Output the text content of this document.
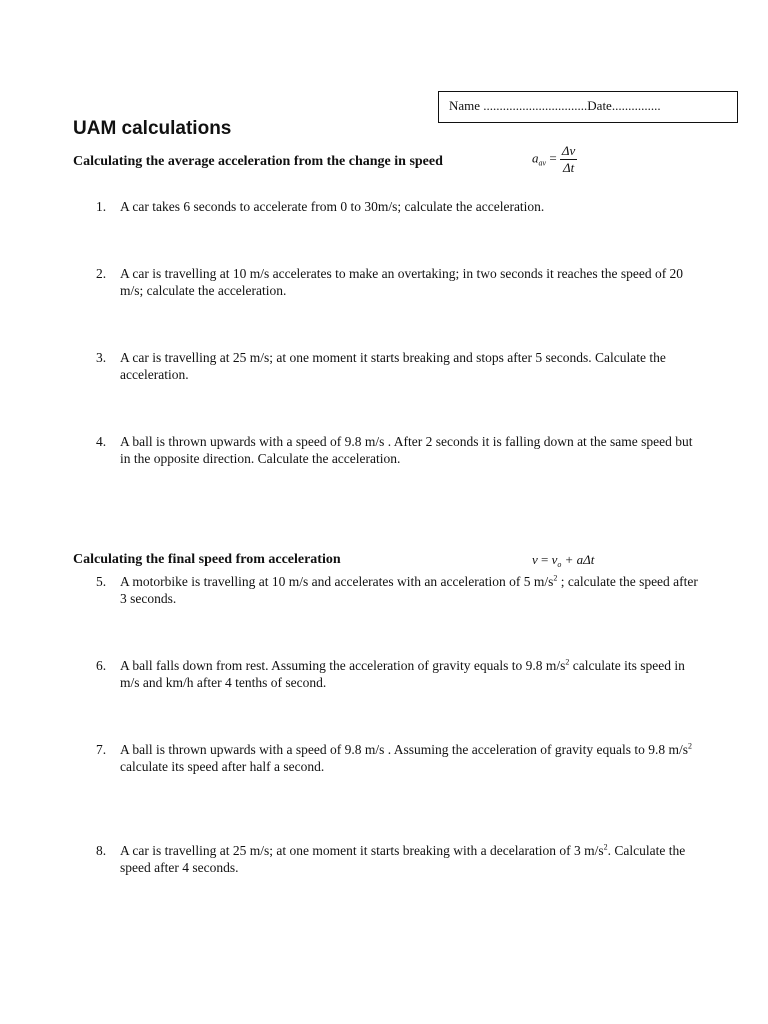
Name ................................Date...............
UAM calculations
Calculating the average acceleration from the change in speed	$a_{av} = \frac{\Delta v}{\Delta t}$
1. A car takes 6 seconds to accelerate from 0 to 30m/s; calculate the acceleration.
2. A car is travelling at 10 m/s accelerates to make an overtaking; in two seconds it reaches the speed of 20 m/s; calculate the acceleration.
3. A car is travelling at 25 m/s; at one moment it starts breaking and stops after 5 seconds. Calculate the acceleration.
4. A ball is thrown upwards with a speed of 9.8 m/s . After 2 seconds it is falling down at the same speed but in the opposite direction. Calculate the acceleration.
Calculating the final speed from acceleration	$v = v_o + a\Delta t$
5. A motorbike is travelling at 10 m/s and accelerates with an acceleration of 5 $m/s^2$ ; calculate the speed after 3 seconds.
6. A ball falls down from rest. Assuming the acceleration of gravity equals to 9.8 $m/s^2$ calculate its speed in m/s and km/h after 4 tenths of second.
7. A ball is thrown upwards with a speed of 9.8 m/s . Assuming the acceleration of gravity equals to 9.8 $m/s^2$ calculate its speed after half a second.
8. A car is travelling at 25 m/s; at one moment it starts breaking with a decelaration of 3 $m/s^2$. Calculate the speed after 4 seconds.
